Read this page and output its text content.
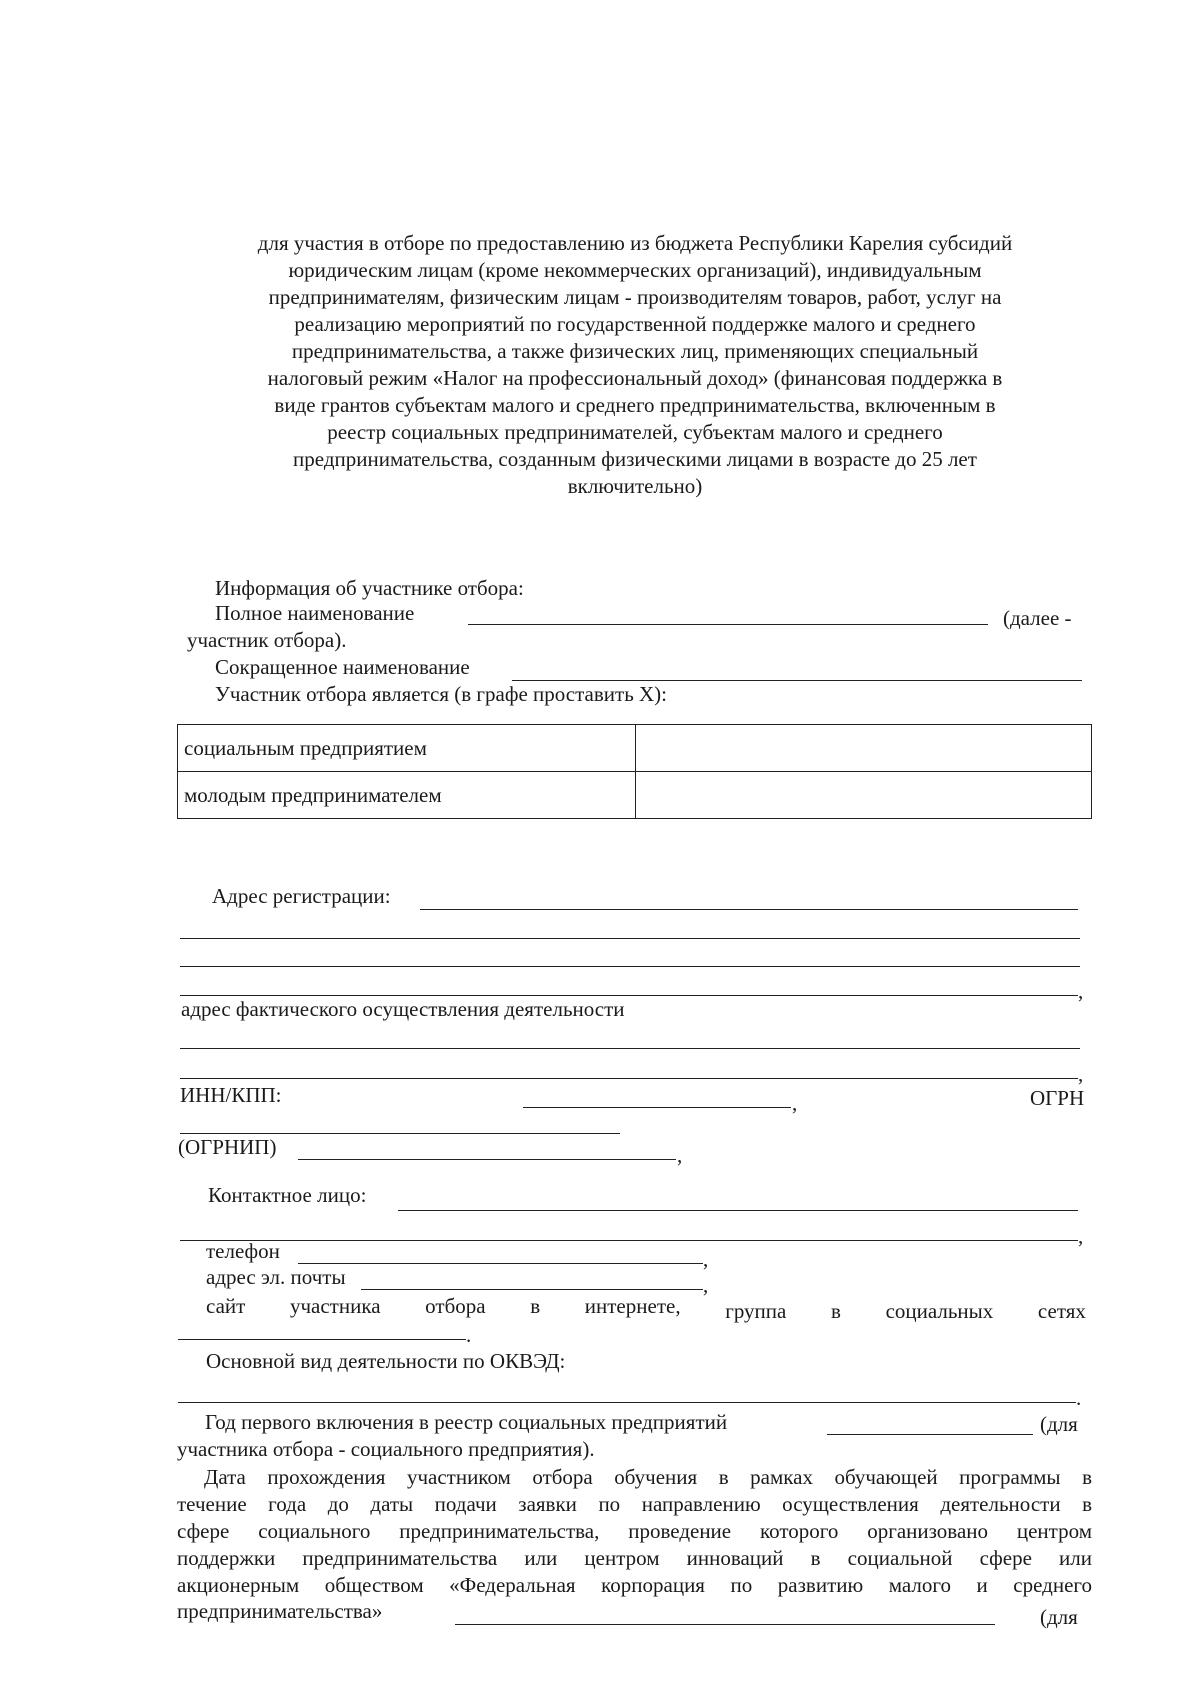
для участия в отборе по предоставлению из бюджета Республики Карелия субсидий
юридическим лицам (кроме некоммерческих организаций), индивидуальным
предпринимателям, физическим лицам - производителям товаров, работ, услуг на
реализацию мероприятий по государственной поддержке малого и среднего
предпринимательства, а также физических лиц, применяющих специальный
налоговый режим «Налог на профессиональный доход» (финансовая поддержка в
виде грантов субъектам малого и среднего предпринимательства, включенным в
реестр социальных предпринимателей, субъектам малого и среднего
предпринимательства, созданным физическими лицами в возрасте до 25 лет
включительно)
Информация об участнике отбора:
Полное наименование	(далее -
участник отбора).
Сокращенное наименование
Участник отбора является (в графе проставить Х):
социальным предприятием	
молодым предпринимателем	
Адрес регистрации:
,
адрес фактического осуществления деятельности
,
ИНН/КПП:	,	ОГРН
(ОГРНИП)	,
Контактное лицо:
,
телефон	,
адрес эл. почты	,
сайт участника отбора в интернете, группа в социальных сетях
.
Основной вид деятельности по ОКВЭД:
.
Год первого включения в реестр социальных предприятий	(для
участника отбора - социального предприятия).
Дата прохождения участником отбора обучения в рамках обучающей программы в
течение года до даты подачи заявки по направлению осуществления деятельности в
сфере социального предпринимательства, проведение которого организовано центром
поддержки предпринимательства или центром инноваций в социальной сфере или
акционерным обществом «Федеральная корпорация по развитию малого и среднего
предпринимательства»	(для
